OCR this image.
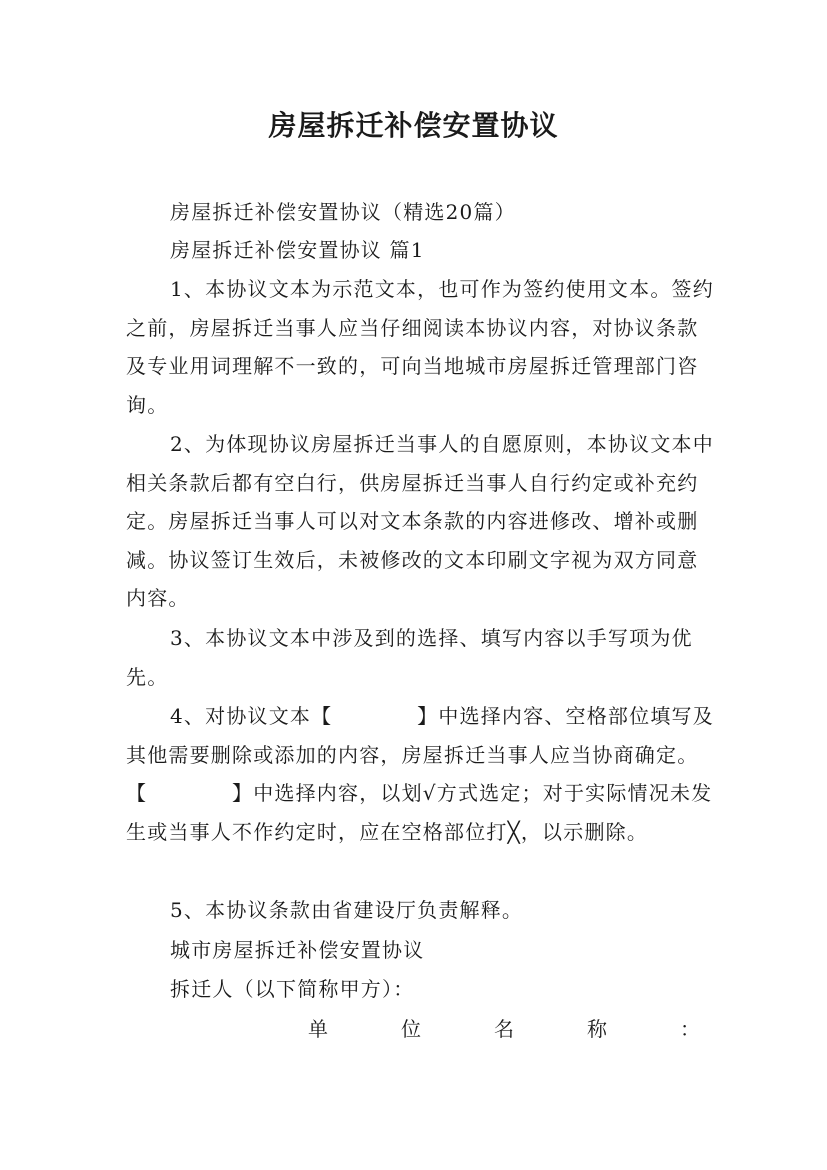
房屋拆迁补偿安置协议
房屋拆迁补偿安置协议（精选20篇）
房屋拆迁补偿安置协议 篇1

1、本协议文本为示范文本，也可作为签约使用文本。签约之前，房屋拆迁当事人应当仔细阅读本协议内容，对协议条款及专业用词理解不一致的，可向当地城市房屋拆迁管理部门咨询。

2、为体现协议房屋拆迁当事人的自愿原则，本协议文本中相关条款后都有空白行，供房屋拆迁当事人自行约定或补充约定。房屋拆迁当事人可以对文本条款的内容进修改、增补或删减。协议签订生效后，未被修改的文本印刷文字视为双方同意内容。

3、本协议文本中涉及到的选择、填写内容以手写项为优先。

4、对协议文本【　　　　】中选择内容、空格部位填写及其他需要删除或添加的内容，房屋拆迁当事人应当协商确定。【　　　　】中选择内容，以划√方式选定；对于实际情况未发生或当事人不作约定时，应在空格部位打╳，以示删除。

5、本协议条款由省建设厅负责解释。

城市房屋拆迁补偿安置协议
拆迁人（以下简称甲方）：
单	位	名	称	：
